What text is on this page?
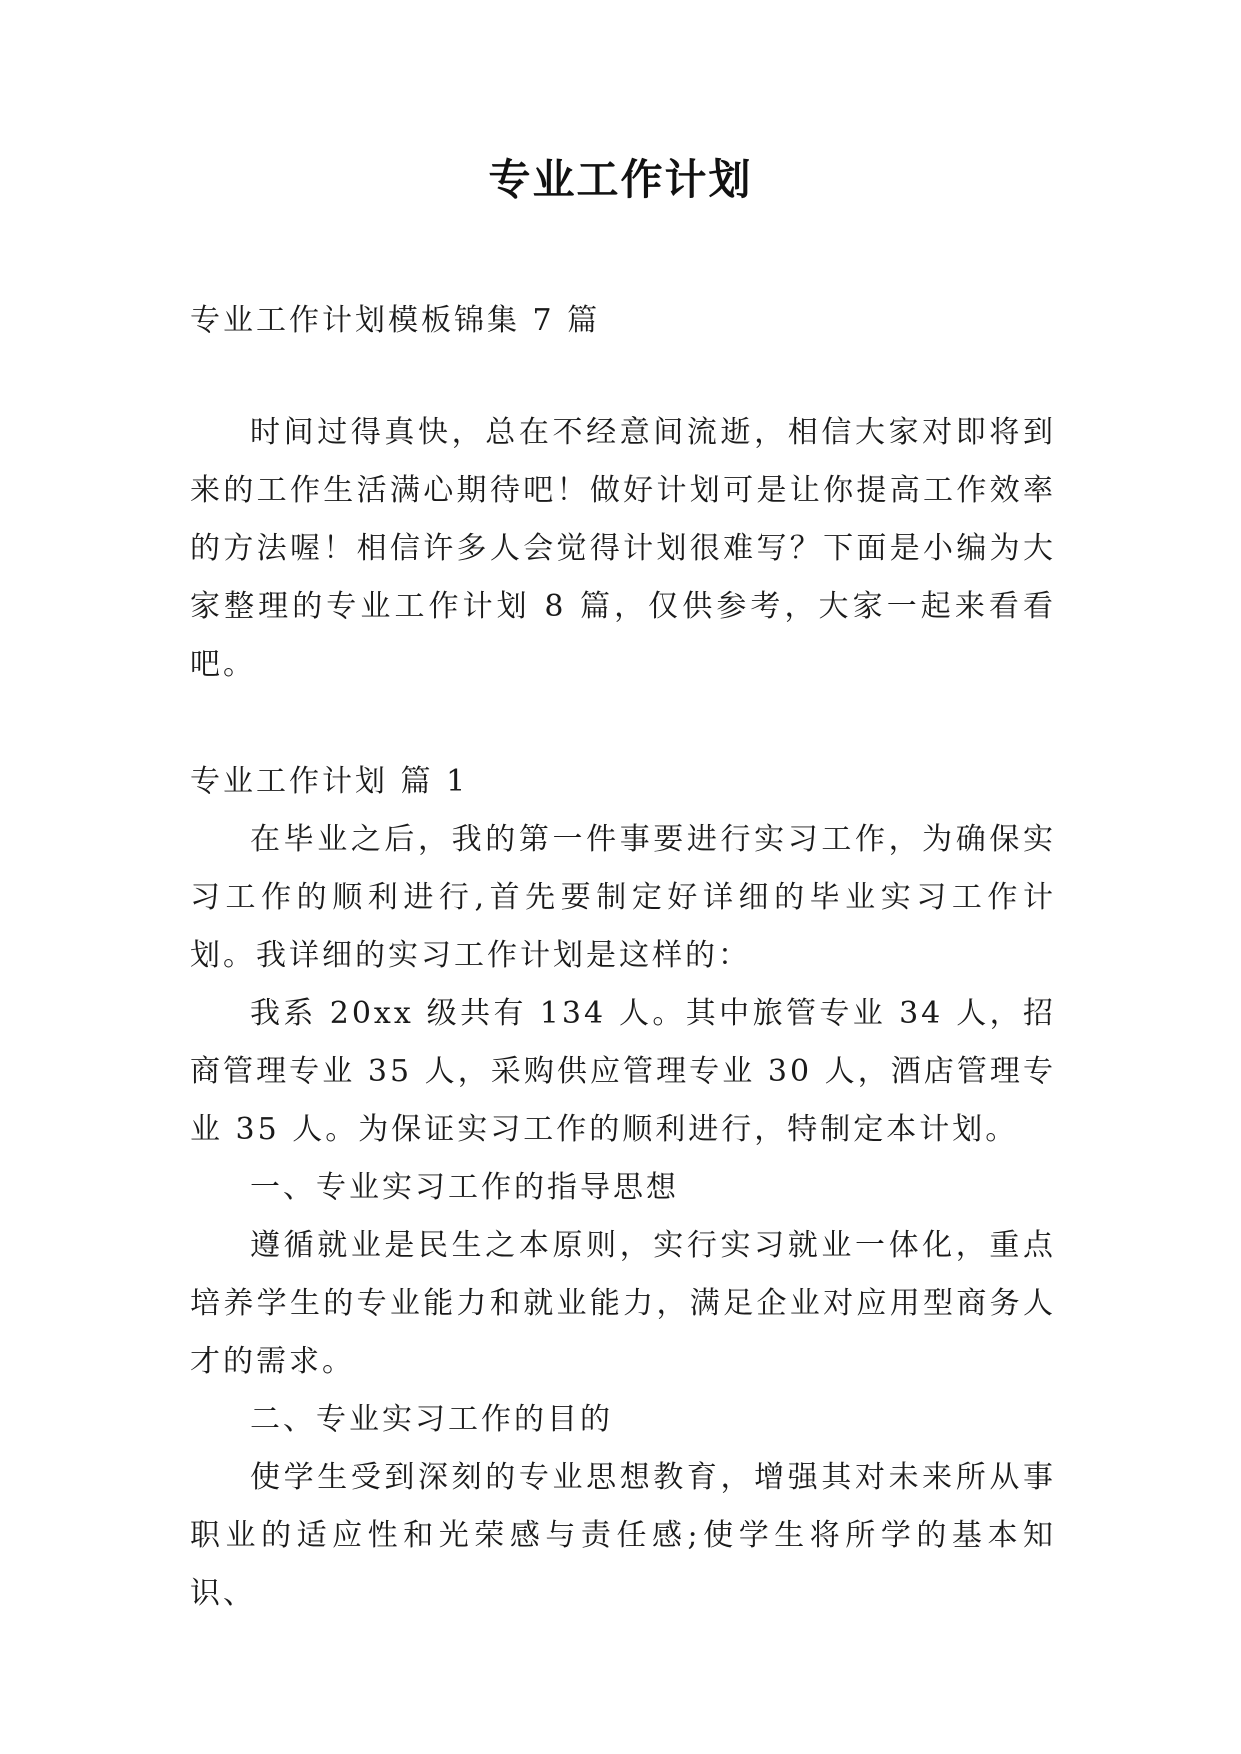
专业工作计划

专业工作计划模板锦集 7 篇

时间过得真快，总在不经意间流逝，相信大家对即将到来的工作生活满心期待吧！做好计划可是让你提高工作效率的方法喔！相信许多人会觉得计划很难写？下面是小编为大家整理的专业工作计划 8 篇，仅供参考，大家一起来看看吧。

专业工作计划 篇 1

在毕业之后，我的第一件事要进行实习工作，为确保实习工作的顺利进行,首先要制定好详细的毕业实习工作计划。我详细的实习工作计划是这样的：

我系 20xx 级共有 134 人。其中旅管专业 34 人，招商管理专业 35 人，采购供应管理专业 30 人，酒店管理专业 35 人。为保证实习工作的顺利进行，特制定本计划。

一、专业实习工作的指导思想

遵循就业是民生之本原则，实行实习就业一体化，重点培养学生的专业能力和就业能力，满足企业对应用型商务人才的需求。

二、专业实习工作的目的

使学生受到深刻的专业思想教育，增强其对未来所从事职业的适应性和光荣感与责任感;使学生将所学的基本知识、
